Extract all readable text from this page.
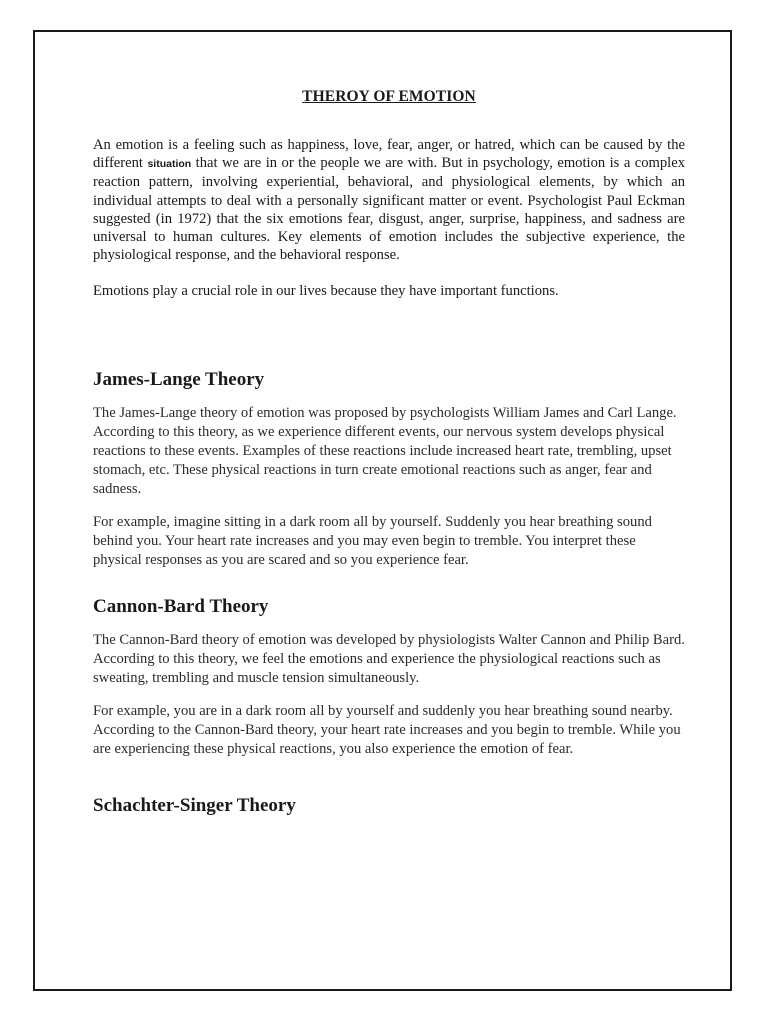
THEROY OF EMOTION

An emotion is a feeling such as happiness, love, fear, anger, or hatred, which can be caused by the different situation that we are in or the people we are with. But in psychology, emotion is a complex reaction pattern, involving experiential, behavioral, and physiological elements, by which an individual attempts to deal with a personally significant matter or event. Psychologist Paul Eckman suggested (in 1972) that the six emotions fear, disgust, anger, surprise, happiness, and sadness are universal to human cultures. Key elements of emotion includes the subjective experience, the physiological response, and the behavioral response.

Emotions play a crucial role in our lives because they have important functions.

James-Lange Theory

The James-Lange theory of emotion was proposed by psychologists William James and Carl Lange. According to this theory, as we experience different events, our nervous system develops physical reactions to these events. Examples of these reactions include increased heart rate, trembling, upset stomach, etc. These physical reactions in turn create emotional reactions such as anger, fear and sadness.

For example, imagine sitting in a dark room all by yourself. Suddenly you hear breathing sound behind you. Your heart rate increases and you may even begin to tremble. You interpret these physical responses as you are scared and so you experience fear.

Cannon-Bard Theory

The Cannon-Bard theory of emotion was developed by physiologists Walter Cannon and Philip Bard. According to this theory, we feel the emotions and experience the physiological reactions such as sweating, trembling and muscle tension simultaneously.

For example, you are in a dark room all by yourself and suddenly you hear breathing sound nearby. According to the Cannon-Bard theory, your heart rate increases and you begin to tremble. While you are experiencing these physical reactions, you also experience the emotion of fear.

Schachter-Singer Theory
